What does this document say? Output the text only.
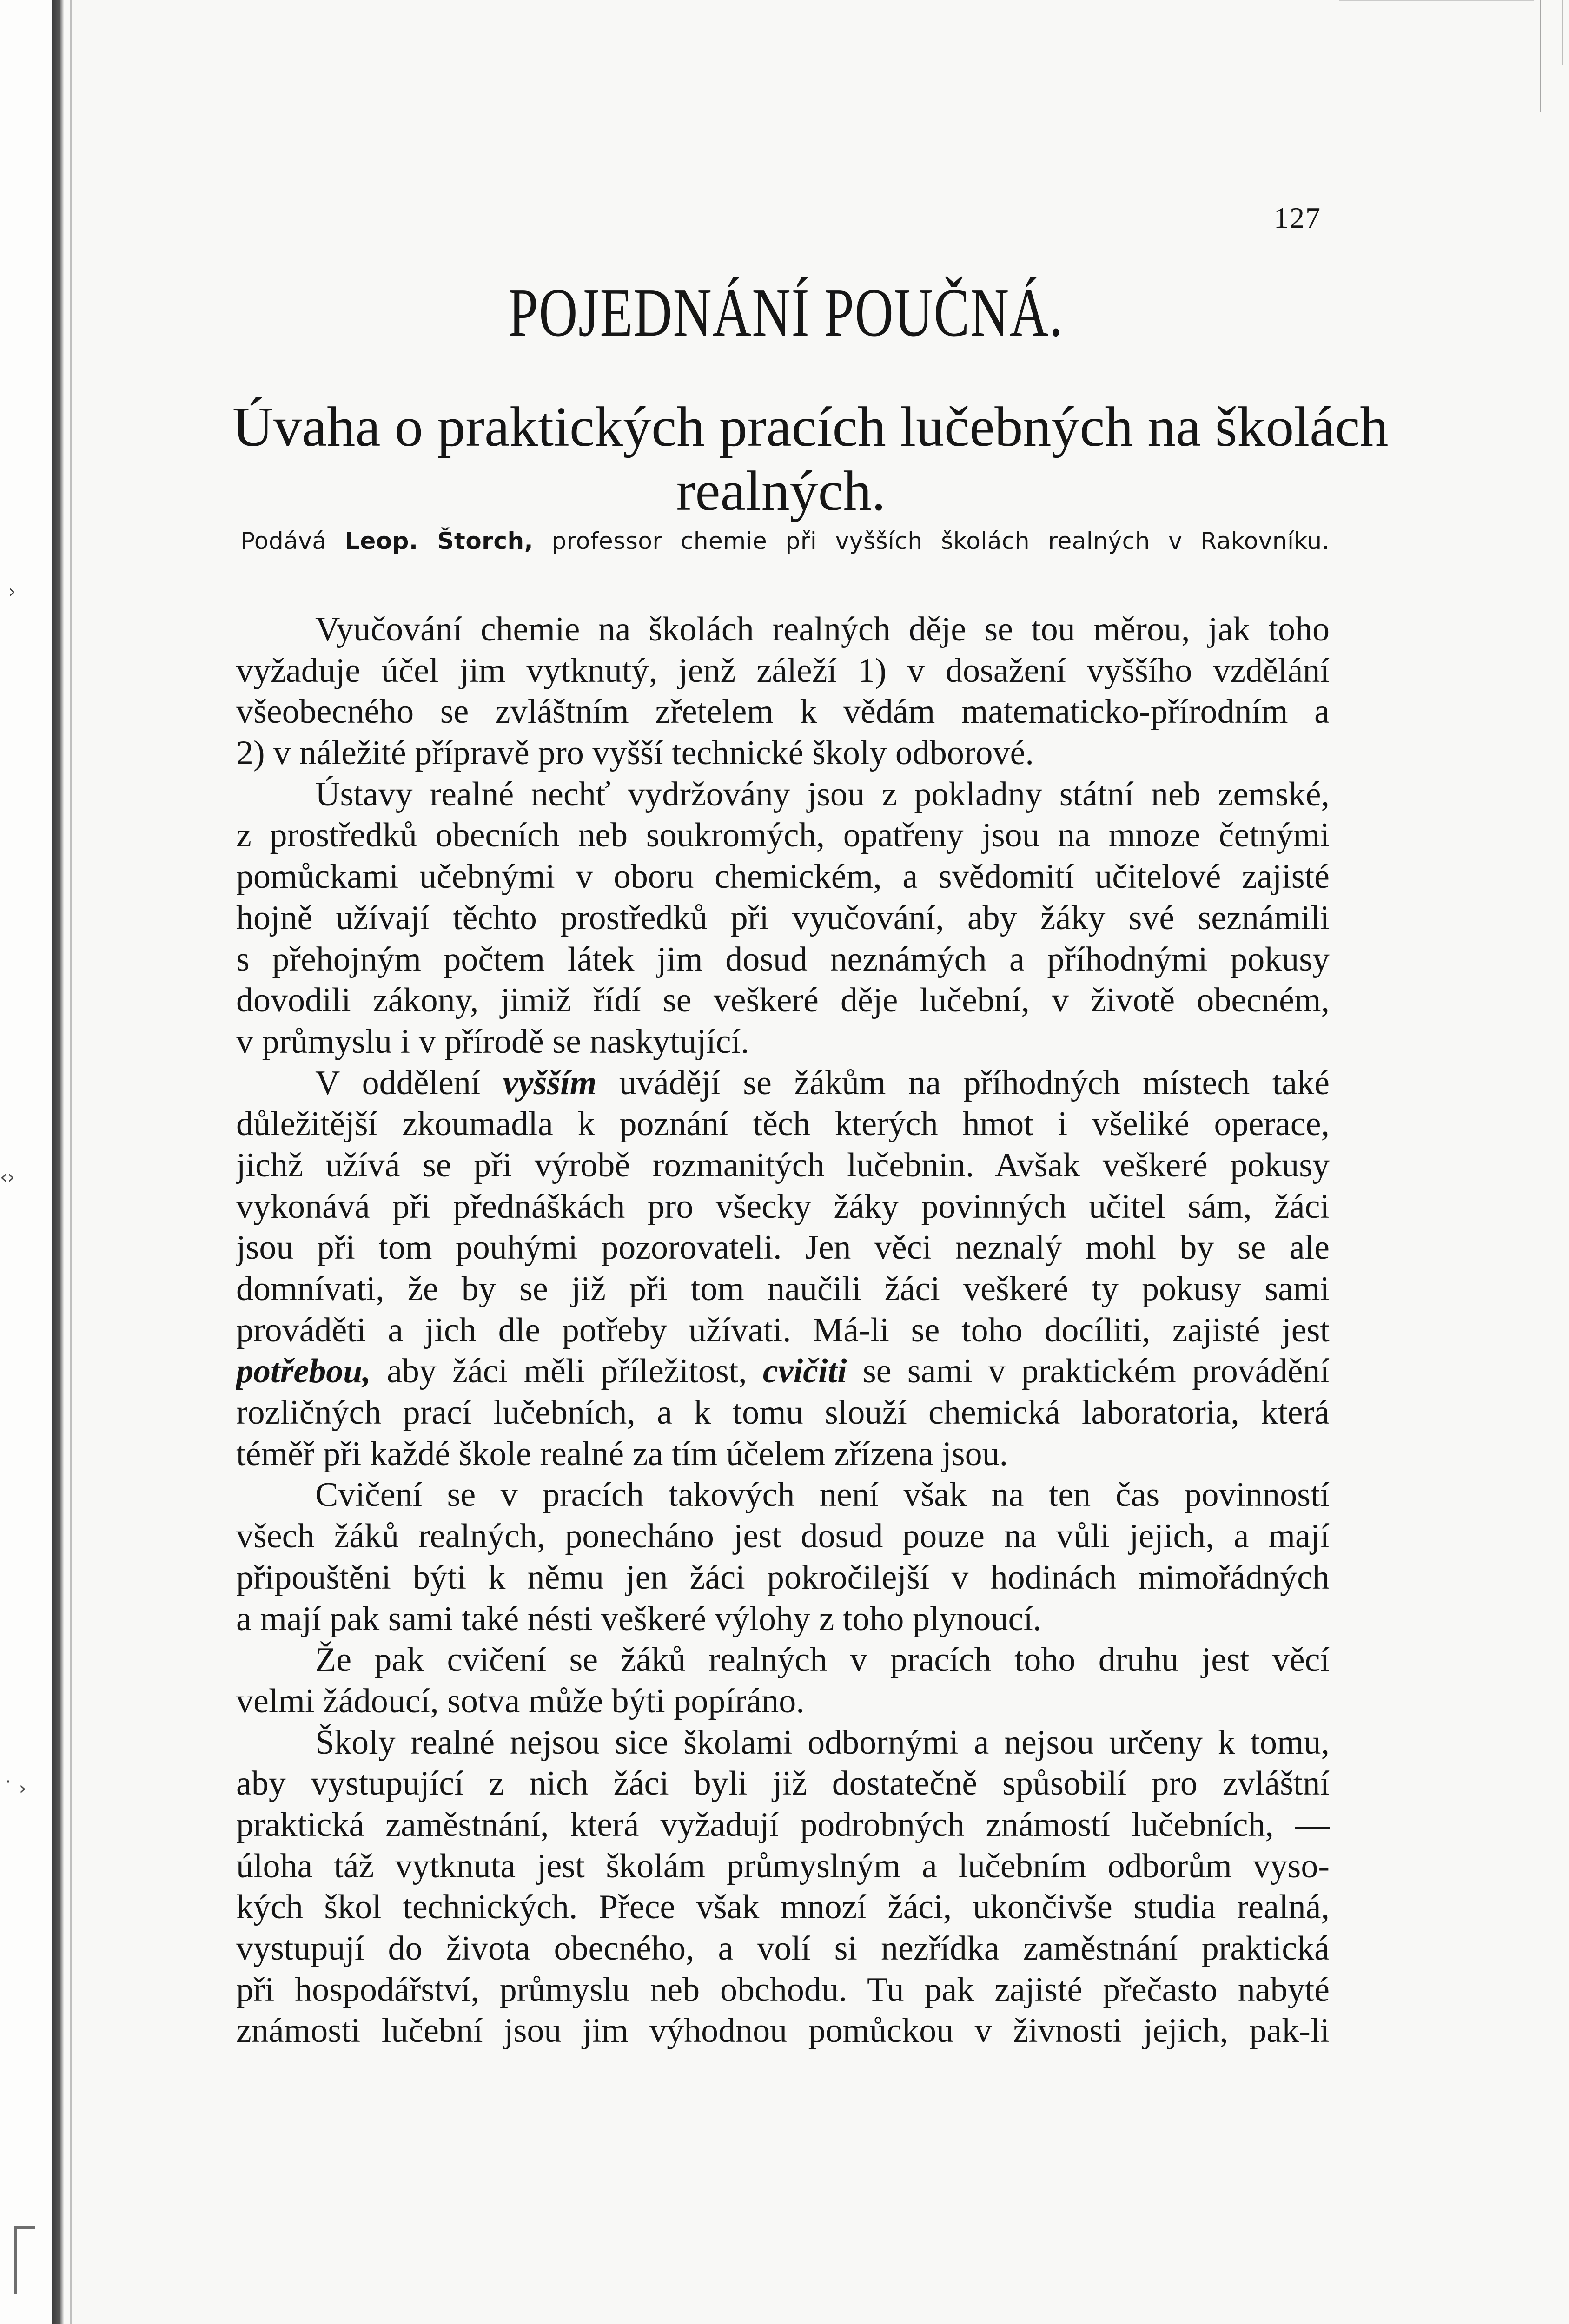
›
‹›
˙ ›
127
POJEDNÁNÍ POUČNÁ.
Úvaha o praktických pracích lučebných na školách
realných.
Podává Leop. Štorch, professor chemie při vyšších školách realných v Rakovníku.
Vyučování chemie na školách realných děje se tou měrou, jak toho
vyžaduje účel jim vytknutý, jenž záleží 1) v dosažení vyššího vzdělání
všeobecného se zvláštním zřetelem k vědám matematicko-přírodním a
2) v náležité přípravě pro vyšší technické školy odborové.
Ústavy realné nechť vydržovány jsou z pokladny státní neb zemské,
z prostředků obecních neb soukromých, opatřeny jsou na mnoze četnými
pomůckami učebnými v oboru chemickém, a svědomití učitelové zajisté
hojně užívají těchto prostředků při vyučování, aby žáky své seznámili
s přehojným počtem látek jim dosud neznámých a příhodnými pokusy
dovodili zákony, jimiž řídí se veškeré děje lučební, v životě obecném,
v průmyslu i v přírodě se naskytující.
V oddělení vyšším uvádějí se žákům na příhodných místech také
důležitější zkoumadla k poznání těch kterých hmot i všeliké operace,
jichž užívá se při výrobě rozmanitých lučebnin. Avšak veškeré pokusy
vykonává při přednáškách pro všecky žáky povinných učitel sám, žáci
jsou při tom pouhými pozorovateli. Jen věci neznalý mohl by se ale
domnívati, že by se již při tom naučili žáci veškeré ty pokusy sami
prováděti a jich dle potřeby užívati. Má-li se toho docíliti, zajisté jest
potřebou, aby žáci měli příležitost, cvičiti se sami v praktickém provádění
rozličných prací lučebních, a k tomu slouží chemická laboratoria, která
téměř při každé škole realné za tím účelem zřízena jsou.
Cvičení se v pracích takových není však na ten čas povinností
všech žáků realných, ponecháno jest dosud pouze na vůli jejich, a mají
připouštěni býti k němu jen žáci pokročilejší v hodinách mimořádných
a mají pak sami také nésti veškeré výlohy z toho plynoucí.
Že pak cvičení se žáků realných v pracích toho druhu jest věcí
velmi žádoucí, sotva může býti popíráno.
Školy realné nejsou sice školami odbornými a nejsou určeny k tomu,
aby vystupující z nich žáci byli již dostatečně spůsobilí pro zvláštní
praktická zaměstnání, která vyžadují podrobných známostí lučebních, —
úloha táž vytknuta jest školám průmyslným a lučebním odborům vyso-
kých škol technických. Přece však mnozí žáci, ukončivše studia realná,
vystupují do života obecného, a volí si nezřídka zaměstnání praktická
při hospodářství, průmyslu neb obchodu. Tu pak zajisté přečasto nabyté
známosti lučební jsou jim výhodnou pomůckou v živnosti jejich, pak-li
